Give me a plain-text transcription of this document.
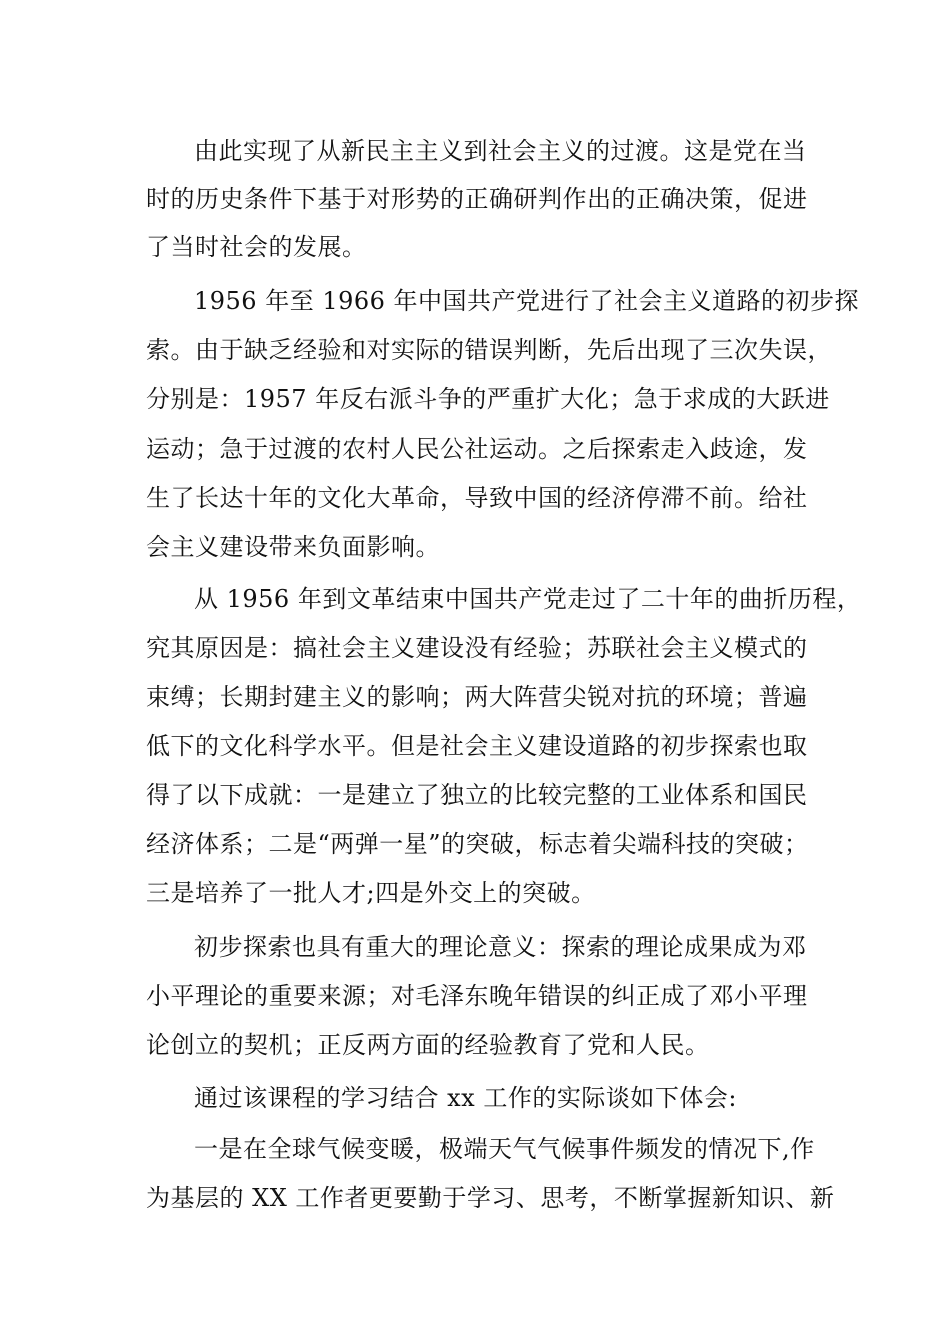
由此实现了从新民主主义到社会主义的过渡。这是党在当
时的历史条件下基于对形势的正确研判作出的正确决策，促进
了当时社会的发展。
1956 年至 1966 年中国共产党进行了社会主义道路的初步探
索。由于缺乏经验和对实际的错误判断，先后出现了三次失误，
分别是：1957 年反右派斗争的严重扩大化；急于求成的大跃进
运动；急于过渡的农村人民公社运动。之后探索走入歧途，发
生了长达十年的文化大革命，导致中国的经济停滞不前。给社
会主义建设带来负面影响。
从 1956 年到文革结束中国共产党走过了二十年的曲折历程，
究其原因是：搞社会主义建设没有经验；苏联社会主义模式的
束缚；长期封建主义的影响；两大阵营尖锐对抗的环境；普遍
低下的文化科学水平。但是社会主义建设道路的初步探索也取
得了以下成就：一是建立了独立的比较完整的工业体系和国民
经济体系；二是“两弹一星”的突破，标志着尖端科技的突破；
三是培养了一批人才;四是外交上的突破。
初步探索也具有重大的理论意义：探索的理论成果成为邓
小平理论的重要来源；对毛泽东晚年错误的纠正成了邓小平理
论创立的契机；正反两方面的经验教育了党和人民。
通过该课程的学习结合 xx 工作的实际谈如下体会:
一是在全球气候变暖，极端天气气候事件频发的情况下,作
为基层的 XX 工作者更要勤于学习、思考，不断掌握新知识、新
